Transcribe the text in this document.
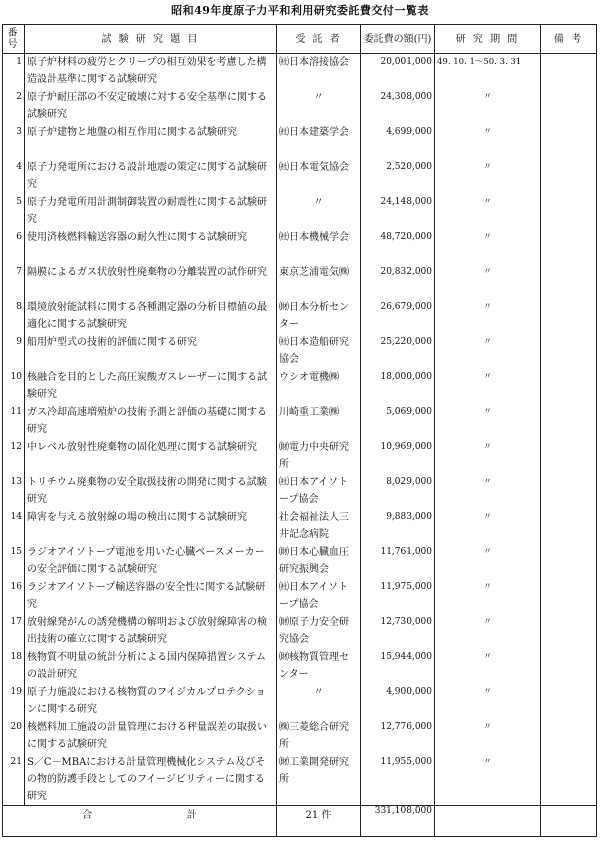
昭和49年度原子力平和利用研究委託費交付一覧表
番号	試 験 研 究 題 目	受 託 者	委託費の額(円)	研 究 期 間	備 考
1	原子炉材料の疲労とクリープの相互効果を考慮した構造設計基準に関する試験研究	㈳日本溶接協会	20,001,000	49. 10. 1～50. 3. 31	
2	原子炉耐圧部の不安定破壊に対する安全基準に関する試験研究	〃	24,308,000	〃	
3	原子炉建物と地盤の相互作用に関する試験研究	㈳日本建築学会	4,699,000	〃	
4	原子力発電所における設計地震の策定に関する試験研究	㈳日本電気協会	2,520,000	〃	
5	原子力発電所用計測制御装置の耐震性に関する試験研究	〃	24,148,000	〃	
6	使用済核燃料輸送容器の耐久性に関する試験研究	㈳日本機械学会	48,720,000	〃	
7	隔膜によるガス状放射性廃棄物の分離装置の試作研究	東京芝浦電気㈱	20,832,000	〃	
8	環境放射能試料に関する各種測定器の分析目標値の最適化に関する試験研究	㈶日本分析センター	26,679,000	〃	
9	船用炉型式の技術的評価に関する研究	㈳日本造船研究協会	25,220,000	〃	
10	核融合を目的とした高圧炭酸ガスレーザーに関する試験研究	ウシオ電機㈱	18,000,000	〃	
11	ガス冷却高速増殖炉の技術予測と評価の基礎に関する研究	川崎重工業㈱	5,069,000	〃	
12	中レベル放射性廃棄物の固化処理に関する試験研究	㈶電力中央研究所	10,969,000	〃	
13	トリチウム廃棄物の安全取扱技術の開発に関する試験研究	㈳日本アイソトープ協会	8,029,000	〃	
14	障害を与える放射線の場の検出に関する試験研究	社会福祉法人三井記念病院	9,883,000	〃	
15	ラジオアイソトープ電池を用いた心臓ペースメーカーの安全評価に関する試験研究	㈶日本心臓血圧研究振興会	11,761,000	〃	
16	ラジオアイソトープ輸送容器の安全性に関する試験研究	㈳日本アイソトープ協会	11,975,000	〃	
17	放射線発がんの誘発機構の解明および放射線障害の検出技術の確立に関する試験研究	㈶原子力安全研究協会	12,730,000	〃	
18	核物質不明量の統計分析による国内保障措置システムの設計研究	㈶核物質管理センター	15,944,000	〃	
19	原子力施設における核物質のフイジカルプロテクションに関する研究	〃	4,900,000	〃	
20	核燃料加工施設の計量管理における秤量誤差の取扱いに関する試験研究	㈱三菱総合研究所	12,776,000	〃	
21	S／C－MBAにおける計量管理機械化システム及びその物的防護手段としてのフイージビリティーに関する研究	㈶工業開発研究所	11,955,000	〃	

合 計		21 件	331,108,000		
